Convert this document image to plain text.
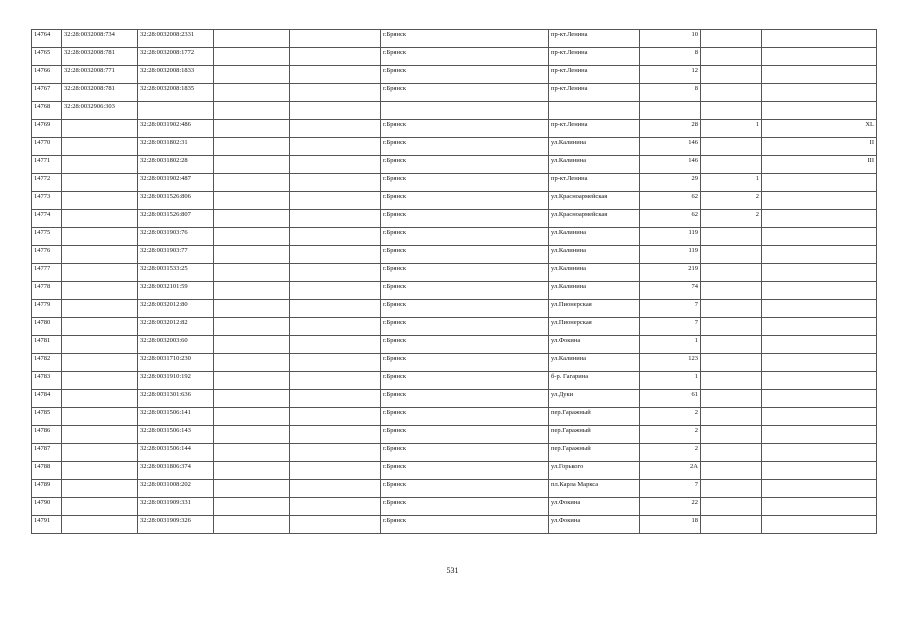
14764	32:28:0032008:734	32:28:0032008:2331			г.Брянск	пр-кт.Ленина	10		
14765	32:28:0032008:781	32:28:0032008:1772			г.Брянск	пр-кт.Ленина	8		
14766	32:28:0032008:771	32:28:0032008:1833			г.Брянск	пр-кт.Ленина	12		
14767	32:28:0032008:781	32:28:0032008:1835			г.Брянск	пр-кт.Ленина	8		
14768	32:28:0032906:303								
14769		32:28:0031902:486			г.Брянск	пр-кт.Ленина	28	1	XL
14770		32:28:0031802:31			г.Брянск	ул.Калинина	146		II
14771		32:28:0031802:28			г.Брянск	ул.Калинина	146		III
14772		32:28:0031902:487			г.Брянск	пр-кт.Ленина	29	1	
14773		32:28:0031526:806			г.Брянск	ул.Красноармейская	62	2	
14774		32:28:0031526:807			г.Брянск	ул.Красноармейская	62	2	
14775		32:28:0031903:76			г.Брянск	ул.Калинина	119		
14776		32:28:0031903:77			г.Брянск	ул.Калинина	119		
14777		32:28:0031533:25			г.Брянск	ул.Калинина	219		
14778		32:28:0032101:59			г.Брянск	ул.Калинина	74		
14779		32:28:0032012:80			г.Брянск	ул.Пионерская	7		
14780		32:28:0032012:82			г.Брянск	ул.Пионерская	7		
14781		32:28:0032003:60			г.Брянск	ул.Фокина	1		
14782		32:28:0031710:230			г.Брянск	ул.Калинина	123		
14783		32:28:0031910:192			г.Брянск	б-р. Гагарина	1		
14784		32:28:0031301:636			г.Брянск	ул.Дуки	61		
14785		32:28:0031506:141			г.Брянск	пер.Гаражный	2		
14786		32:28:0031506:143			г.Брянск	пер.Гаражный	2		
14787		32:28:0031506:144			г.Брянск	пер.Гаражный	2		
14788		32:28:0031806:374			г.Брянск	ул.Горького	2А		
14789		32:28:0031008:202			г.Брянск	пл.Карла Маркса	7		
14790		32:28:0031909:331			г.Брянск	ул.Фокина	22		
14791		32:28:0031909:326			г.Брянск	ул.Фокина	18		
531
